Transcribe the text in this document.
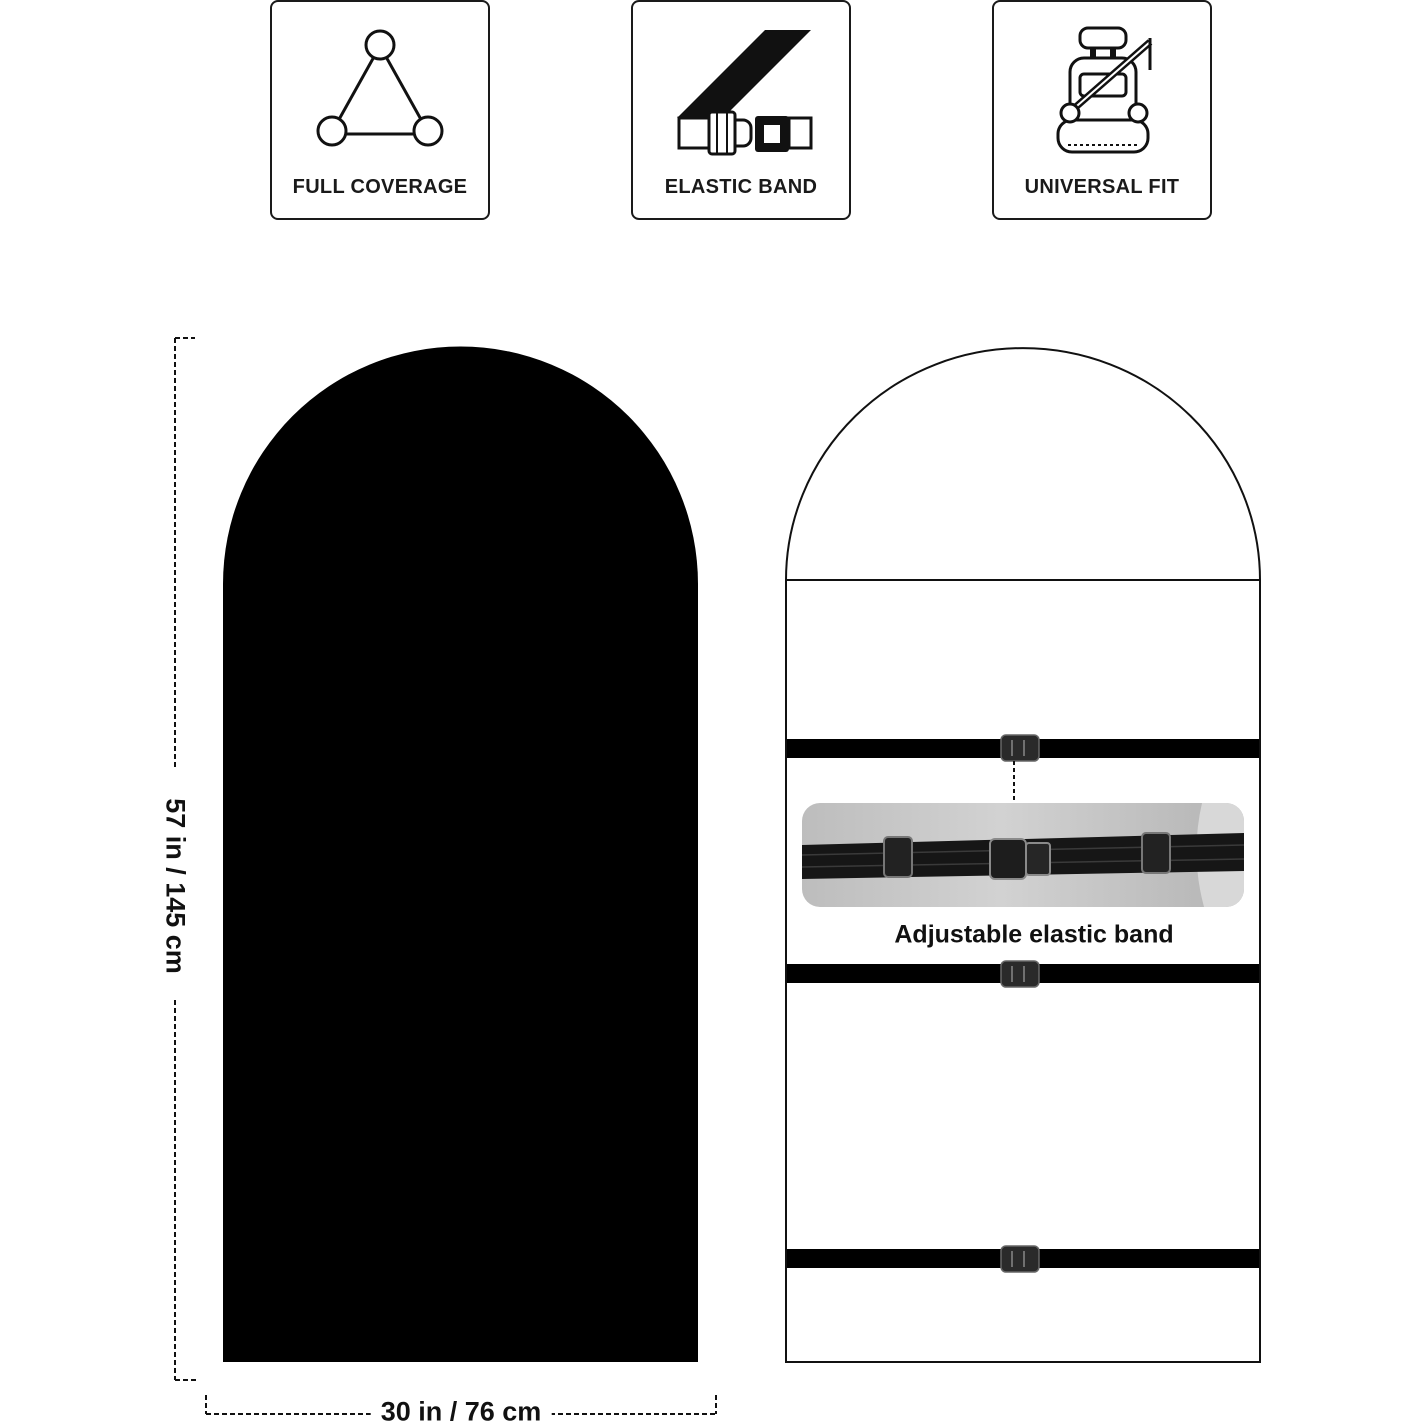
FULL COVERAGE	ELASTIC BAND	UNIVERSAL FIT
57 in / 145 cm
30 in / 76 cm
Adjustable elastic band
